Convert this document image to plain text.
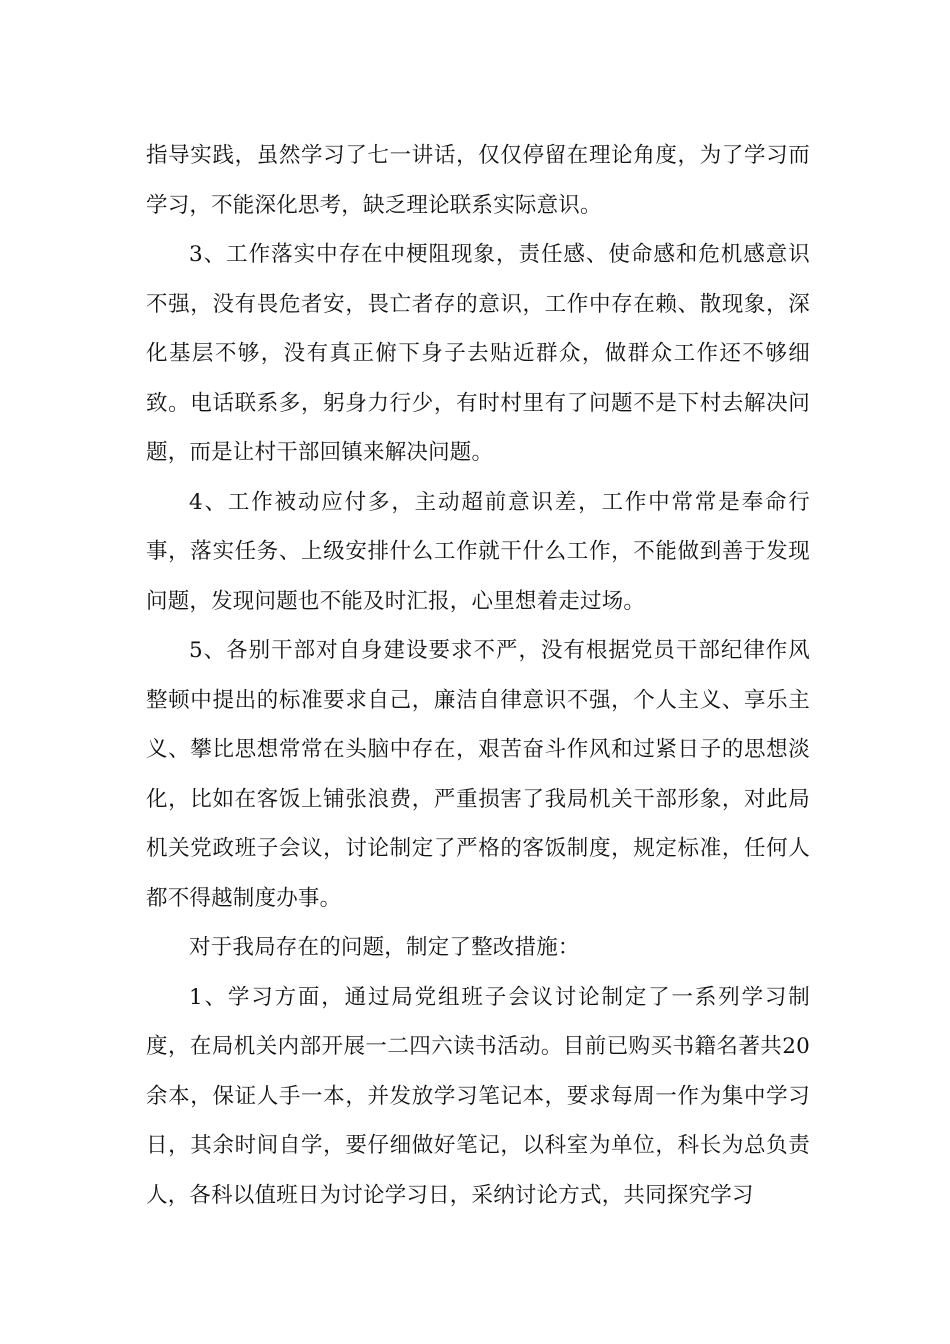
指导实践，虽然学习了七一讲话，仅仅停留在理论角度，为了学习而学习，不能深化思考，缺乏理论联系实际意识。

3、工作落实中存在中梗阻现象，责任感、使命感和危机感意识不强，没有畏危者安，畏亡者存的意识，工作中存在赖、散现象，深化基层不够，没有真正俯下身子去贴近群众，做群众工作还不够细致。电话联系多，躬身力行少，有时村里有了问题不是下村去解决问题，而是让村干部回镇来解决问题。

4、工作被动应付多，主动超前意识差，工作中常常是奉命行事，落实任务、上级安排什么工作就干什么工作，不能做到善于发现问题，发现问题也不能及时汇报，心里想着走过场。

5、各别干部对自身建设要求不严，没有根据党员干部纪律作风整顿中提出的标准要求自己，廉洁自律意识不强，个人主义、享乐主义、攀比思想常常在头脑中存在，艰苦奋斗作风和过紧日子的思想淡化，比如在客饭上铺张浪费，严重损害了我局机关干部形象，对此局机关党政班子会议，讨论制定了严格的客饭制度，规定标准，任何人都不得越制度办事。

对于我局存在的问题，制定了整改措施：

1、学习方面，通过局党组班子会议讨论制定了一系列学习制度，在局机关内部开展一二四六读书活动。目前已购买书籍名著共20余本，保证人手一本，并发放学习笔记本，要求每周一作为集中学习日，其余时间自学，要仔细做好笔记，以科室为单位，科长为总负责人，各科以值班日为讨论学习日，采纳讨论方式，共同探究学习
